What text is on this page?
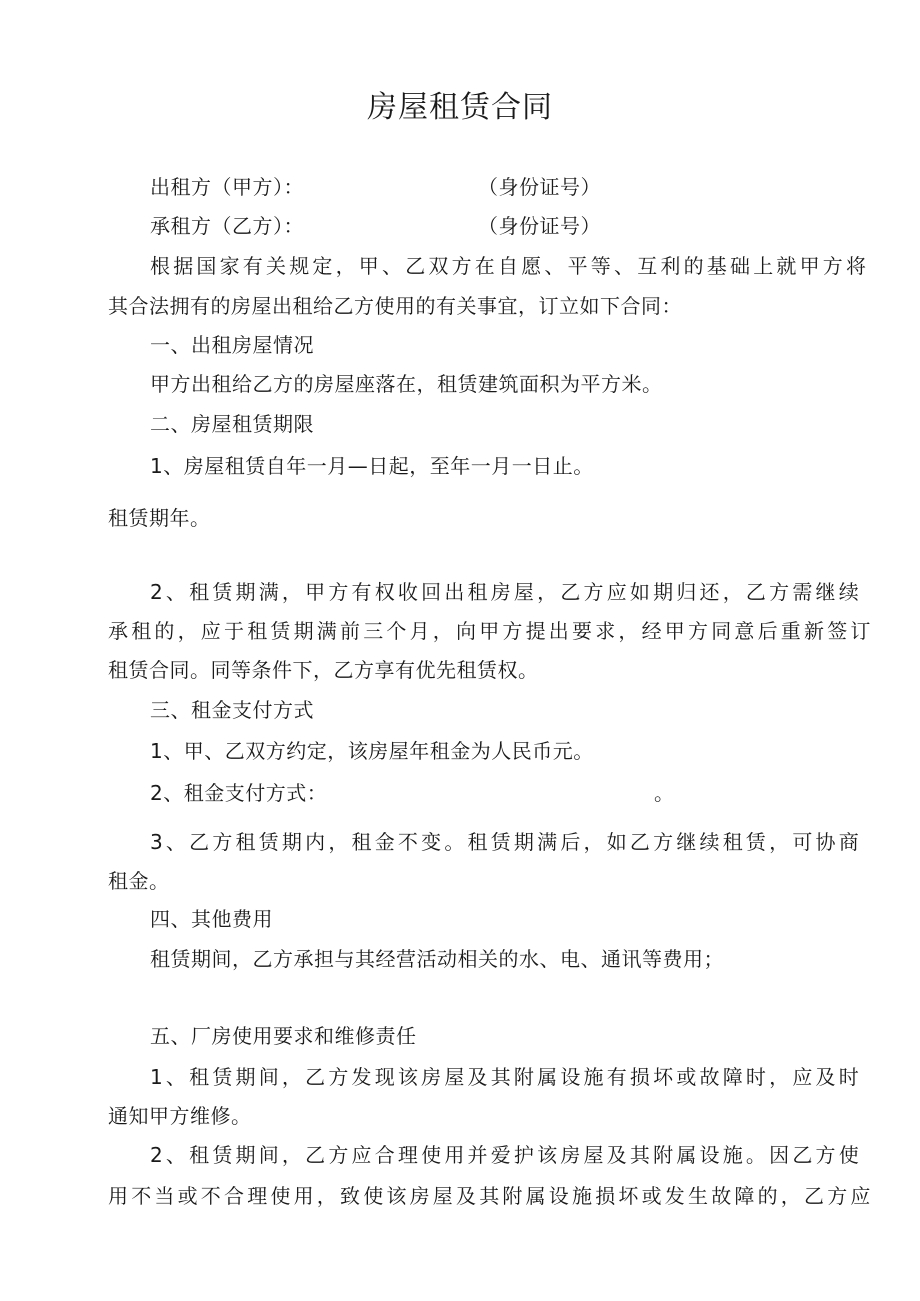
房屋租赁合同
出租方（甲方）：	（身份证号）
承租方（乙方）：	（身份证号）
根据国家有关规定，甲、乙双方在自愿、平等、互利的基础上就甲方将
其合法拥有的房屋出租给乙方使用的有关事宜，订立如下合同：
一、出租房屋情况
甲方出租给乙方的房屋座落在，租赁建筑面积为平方米。
二、房屋租赁期限
1、房屋租赁自年一月—日起，至年一月一日止。
租赁期年。
2、租赁期满，甲方有权收回出租房屋，乙方应如期归还，乙方需继续
承租的，应于租赁期满前三个月，向甲方提出要求，经甲方同意后重新签订
租赁合同。同等条件下，乙方享有优先租赁权。
三、租金支付方式
1、甲、乙双方约定，该房屋年租金为人民币元。
2、租金支付方式：	。
3、乙方租赁期内，租金不变。租赁期满后，如乙方继续租赁，可协商
租金。
四、其他费用
租赁期间，乙方承担与其经营活动相关的水、电、通讯等费用；
五、厂房使用要求和维修责任
1、租赁期间，乙方发现该房屋及其附属设施有损坏或故障时，应及时
通知甲方维修。
2、租赁期间，乙方应合理使用并爱护该房屋及其附属设施。因乙方使
用不当或不合理使用，致使该房屋及其附属设施损坏或发生故障的，乙方应
